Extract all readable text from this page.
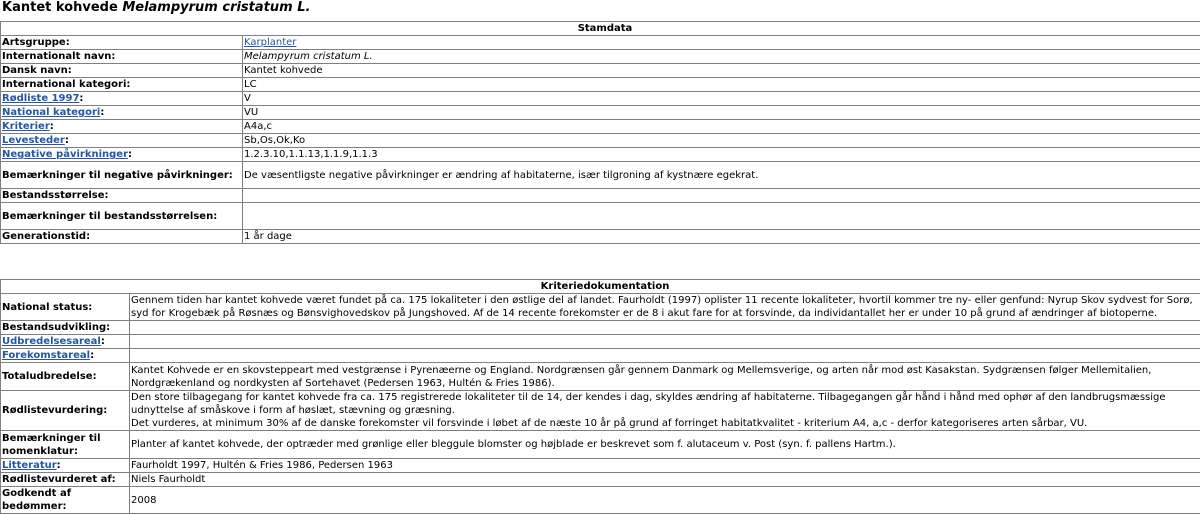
Kantet kohvede Melampyrum cristatum L.
Stamdata	
Artsgruppe:	Karplanter
Internationalt navn:	Melampyrum cristatum L.
Dansk navn:	Kantet kohvede
International kategori:	LC
Rødliste 1997:	V
National kategori:	VU
Kriterier:	A4a,c
Levesteder:	Sb,Os,Ok,Ko
Negative påvirkninger:	1.2.3.10,1.1.13,1.1.9,1.1.3
Bemærkninger til negative påvirkninger:	De væsentligste negative påvirkninger er ændring af habitaterne, især tilgroning af kystnære egekrat.
Bestandsstørrelse:	
Bemærkninger til bestandsstørrelsen:	
Generationstid:	1 år dage
Kriteriedokumentation	
National status:	Gennem tiden har kantet kohvede været fundet på ca. 175 lokaliteter i den østlige del af landet. Faurholdt (1997) oplister 11 recente lokaliteter, hvortil kommer tre ny- eller genfund: Nyrup Skov sydvest for Sorø, syd for Krogebæk på Røsnæs og Bønsvighovedskov på Jungshoved. Af de 14 recente forekomster er de 8 i akut fare for at forsvinde, da individantallet her er under 10 på grund af ændringer af biotoperne.
Bestandsudvikling:	
Udbredelsesareal:	
Forekomstareal:	
Totaludbredelse:	Kantet Kohvede er en skovsteppeart med vestgrænse i Pyrenæerne og England. Nordgrænsen går gennem Danmark og Mellemsverige, og arten når mod øst Kasakstan. Sydgrænsen følger Mellemitalien, Nordgrækenland og nordkysten af Sortehavet (Pedersen 1963, Hultén & Fries 1986).
Rødlistevurdering:	Den store tilbagegang for kantet kohvede fra ca. 175 registrerede lokaliteter til de 14, der kendes i dag, skyldes ændring af habitaterne. Tilbagegangen går hånd i hånd med ophør af den landbrugsmæssige udnyttelse af småskove i form af høslæt, stævning og græsning.
Det vurderes, at minimum 30% af de danske forekomster vil forsvinde i løbet af de næste 10 år på grund af forringet habitatkvalitet - kriterium A4, a,c - derfor kategoriseres arten sårbar, VU.

Bemærkninger til nomenklatur:	Planter af kantet kohvede, der optræder med grønlige eller bleggule blomster og højblade er beskrevet som f. alutaceum v. Post (syn. f. pallens Hartm.).
Litteratur:	Faurholdt 1997, Hultén & Fries 1986, Pedersen 1963
Rødlistevurderet af:	Niels Faurholdt
Godkendt af bedømmer:	2008
